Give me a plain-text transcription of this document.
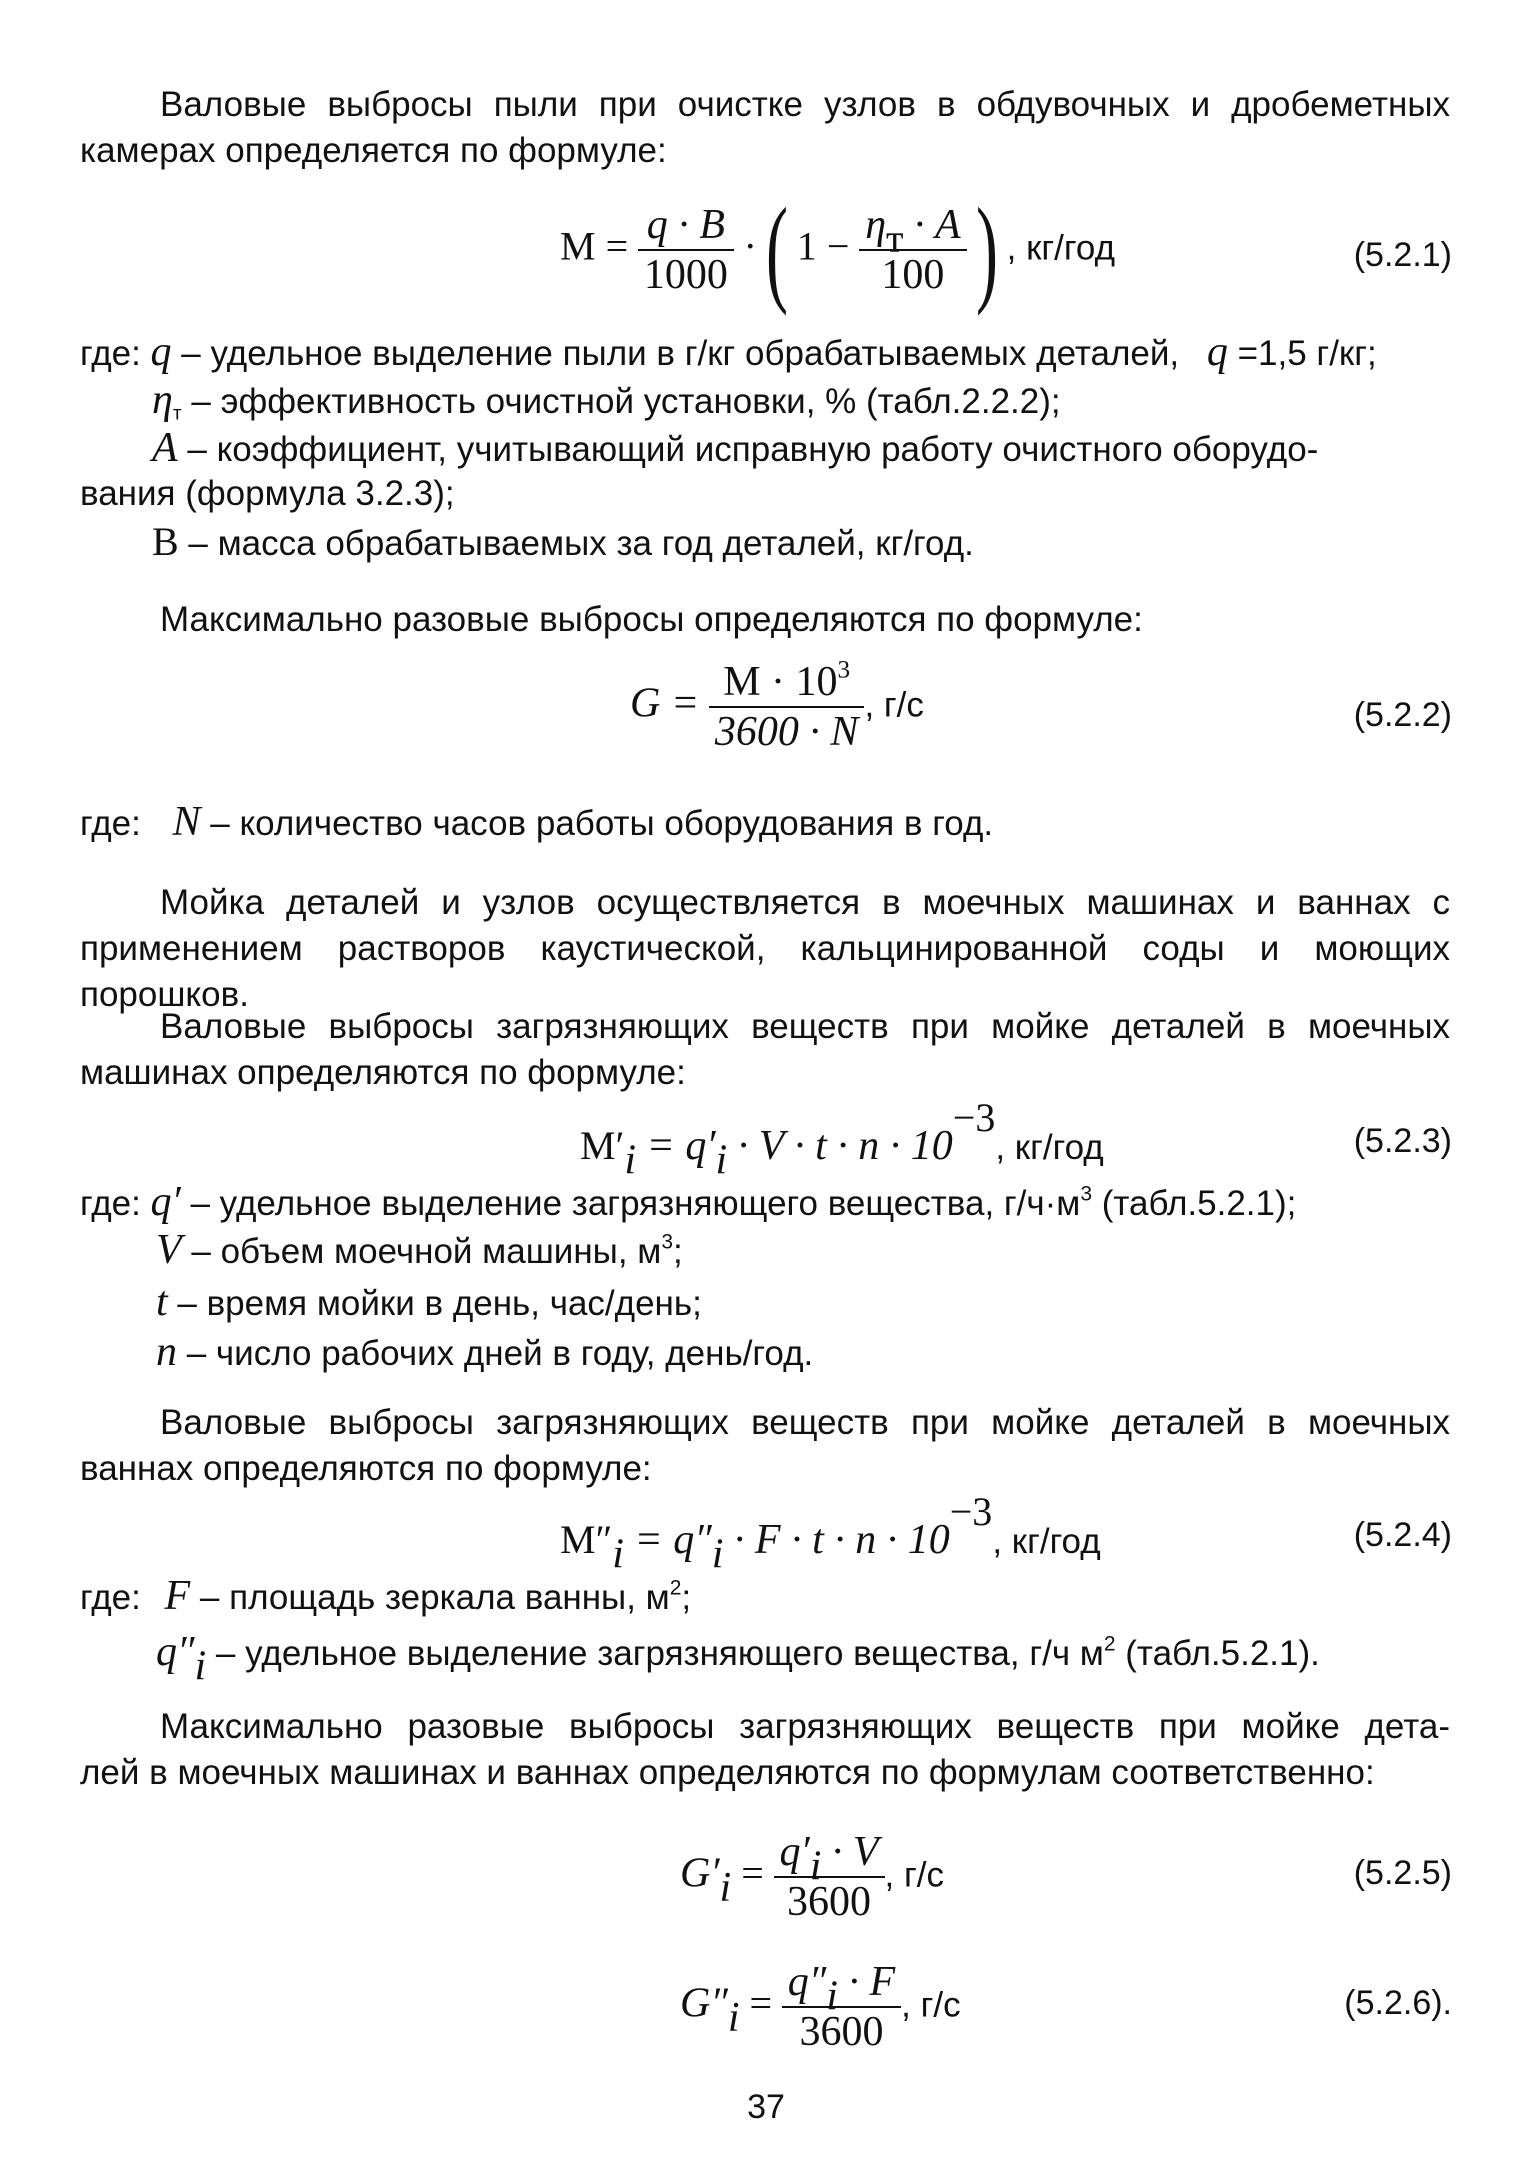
Валовые выбросы пыли при очистке узлов в обдувочных и дробеметных
камерах определяется по формуле:
$M = \frac{q \cdot B}{1000}$ ·( $1 - \frac{\eta_т \cdot A}{100}$ ) , кг/год	(5.2.1)
где: q – удельное выделение пыли в г/кг обрабатываемых деталей, q =1,5 г/кг;
$\eta_т$ – эффективность очистной установки, % (табл.2.2.2);
A – коэффициент, учитывающий исправную работу очистного оборудо-
вания (формула 3.2.3);
B – масса обрабатываемых за год деталей, кг/год.
Максимально разовые выбросы определяются по формуле:
$G = \frac{M \cdot 10^3}{3600 \cdot N}$ , г/с	(5.2.2)
где: N – количество часов работы оборудования в год.
Мойка деталей и узлов осуществляется в моечных машинах и ваннах с
применением растворов каустической, кальцинированной соды и моющих
порошков.
Валовые выбросы загрязняющих веществ при мойке деталей в моечных
машинах определяются по формуле:
$M'_i = q'_i \cdot V \cdot t \cdot n \cdot 10^{-3}$, кг/год	(5.2.3)
где: q′ – удельное выделение загрязняющего вещества, $г/ч\cdot м^3$ (табл.5.2.1);
V – объем моечной машины, $м^3$;
t – время мойки в день, час/день;
n – число рабочих дней в году, день/год.
Валовые выбросы загрязняющих веществ при мойке деталей в моечных
ваннах определяются по формуле:
$M''_i = q''_i \cdot F \cdot t \cdot n \cdot 10^{-3}$, кг/год	(5.2.4)
где: F – площадь зеркала ванны, $м^2$;
$q''_i$ – удельное выделение загрязняющего вещества, г/ч $м^2$ (табл.5.2.1).
Максимально разовые выбросы загрязняющих веществ при мойке дета-
лей в моечных машинах и ваннах определяются по формулам соответственно:
$G'_i = \frac{q'_i \cdot V}{3600}$ , г/с	(5.2.5)
$G''_i = \frac{q''_i \cdot F}{3600}$ , г/с	(5.2.6).
37
